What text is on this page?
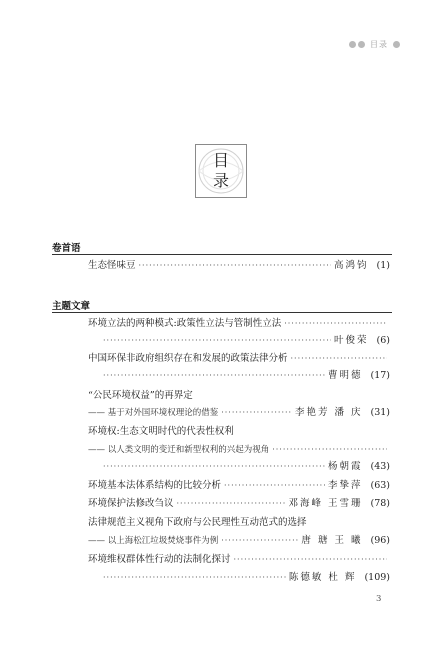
目录
目
录
卷首语
生态怪味豆 ·····	高鸿钧 (1)
主题文章
环境立法的两种模式:政策性立法与管制性立法
·····
·····
叶俊荣 (6)
中国环保非政府组织存在和发展的政策法律分析
·····
·····
曹明德 (17)
“公民环境权益”的再界定
—— 基于对外国环境权理论的借鉴 ·····	李艳芳 潘 庆 (31)
环境权:生态文明时代的代表性权利
—— 以人类文明的变迁和新型权利的兴起为视角
·····
·····
杨朝霞 (43)
环境基本法体系结构的比较分析 ·····	李挚萍 (63)
环境保护法修改刍议 ·····	邓海峰 王雪珊 (78)
法律规范主义视角下政府与公民理性互动范式的选择
—— 以上海松江垃圾焚烧事件为例 ·····	唐 瑭 王 曦 (96)
环境维权群体性行动的法制化探讨
·····
·····
陈德敏 杜 辉 (109)
3
